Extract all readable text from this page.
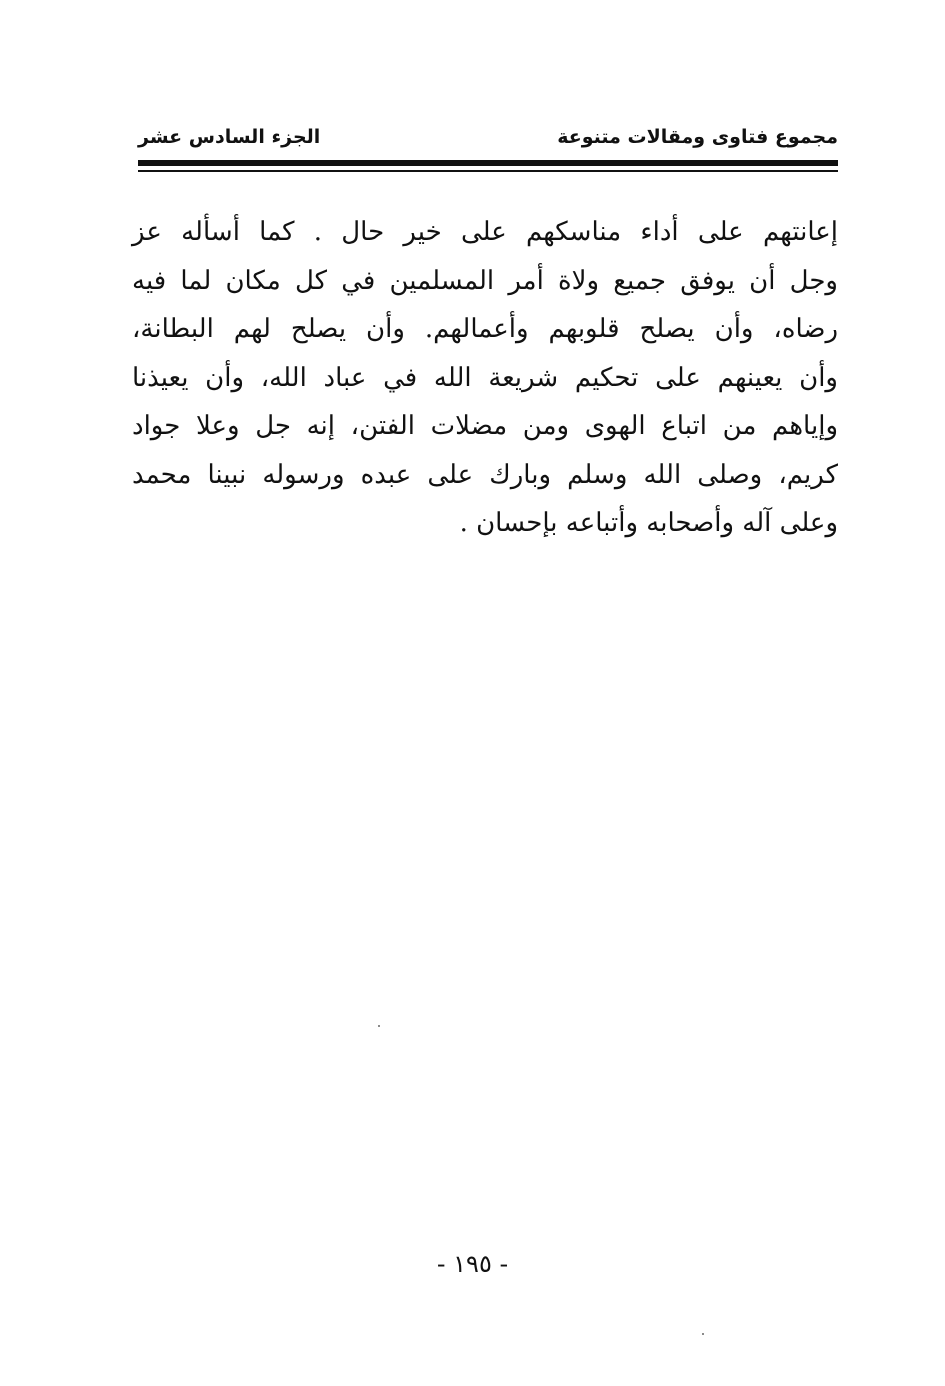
مجموع فتاوى ومقالات متنوعة
الجزء السادس عشر
إعانتهم على أداء مناسكهم على خير حال . كما أسأله عز
وجل أن يوفق جميع ولاة أمر المسلمين في كل مكان لما فيه
رضاه، وأن يصلح قلوبهم وأعمالهم. وأن يصلح لهم البطانة،
وأن يعينهم على تحكيم شريعة الله في عباد الله، وأن يعيذنا
وإياهم من اتباع الهوى ومن مضلات الفتن، إنه جل وعلا جواد
كريم، وصلى الله وسلم وبارك على عبده ورسوله نبينا محمد
وعلى آله وأصحابه وأتباعه بإحسان .
- ١٩٥ -
